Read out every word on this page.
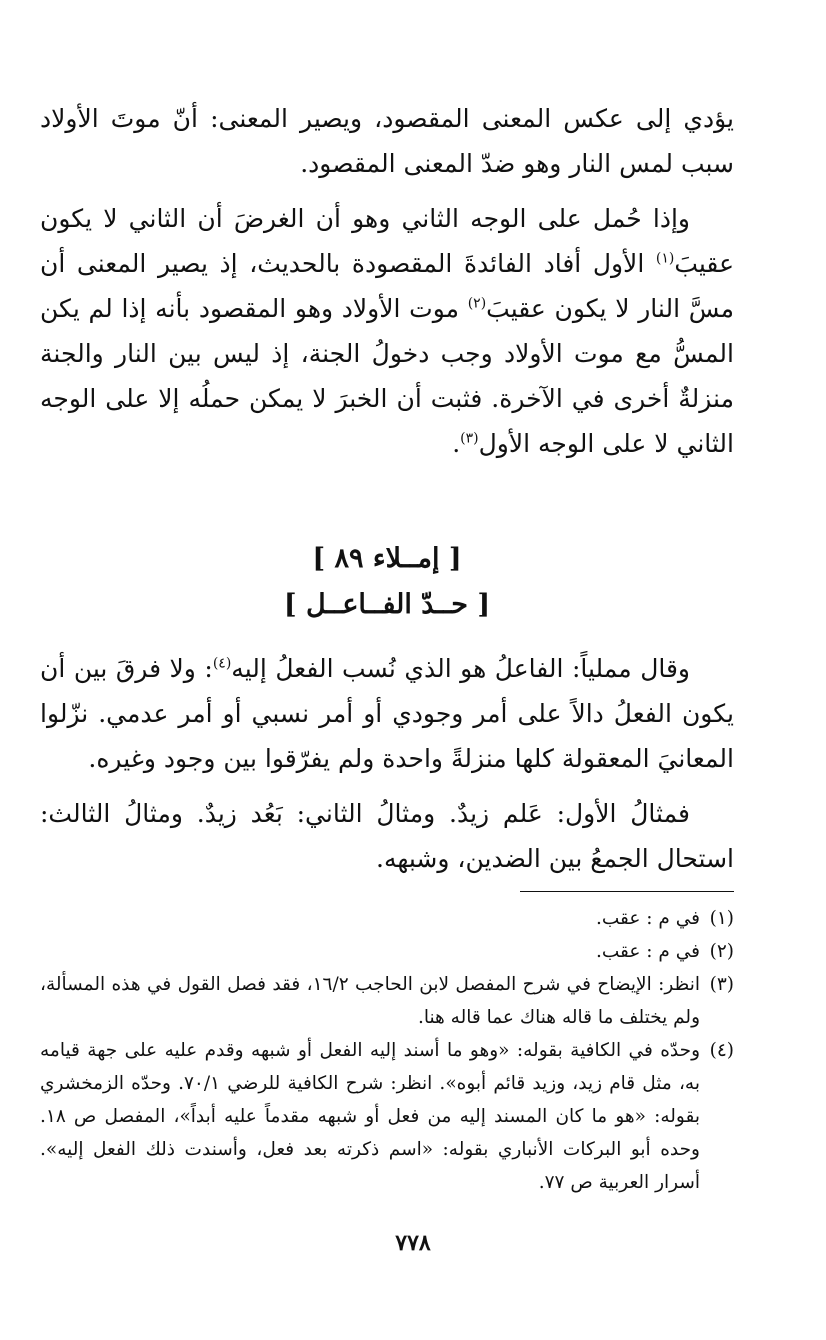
يؤدي إلى عكس المعنى المقصود، ويصير المعنى: أنّ موتَ الأولاد سبب لمس النار وهو ضدّ المعنى المقصود.

وإذا حُمل على الوجه الثاني وهو أن الغرضَ أن الثاني لا يكون عقيبَ$^{(١)}$ الأول أفاد الفائدةَ المقصودة بالحديث، إذ يصير المعنى أن مسَّ النار لا يكون عقيبَ$^{(٢)}$ موت الأولاد وهو المقصود بأنه إذا لم يكن المسُّ مع موت الأولاد وجب دخولُ الجنة، إذ ليس بين النار والجنة منزلةٌ أخرى في الآخرة. فثبت أن الخبرَ لا يمكن حملُه إلا على الوجه الثاني لا على الوجه الأول$^{(٣)}$.

[ إمــلاء ٨٩ ]

[ حــدّ الفــاعــل ]

وقال مملياً: الفاعلُ هو الذي نُسب الفعلُ إليه$^{(٤)}$: ولا فرقَ بين أن يكون الفعلُ دالاً على أمر وجودي أو أمر نسبي أو أمر عدمي. نزّلوا المعانيَ المعقولة كلها منزلةً واحدة ولم يفرّقوا بين وجود وغيره.

فمثالُ الأول: عَلم زيدٌ. ومثالُ الثاني: بَعُد زيدٌ. ومثالُ الثالث: استحال الجمعُ بين الضدين، وشبهه.

(١)
في م : عقب.
(٢)
في م : عقب.
(٣)
انظر: الإيضاح في شرح المفصل لابن الحاجب ١٦/٢، فقد فصل القول في هذه المسألة، ولم يختلف ما قاله هناك عما قاله هنا.
(٤)
وحدّه في الكافية بقوله: «وهو ما أسند إليه الفعل أو شبهه وقدم عليه على جهة قيامه به، مثل قام زيد، وزيد قائم أبوه». انظر: شرح الكافية للرضي ٧٠/١. وحدّه الزمخشري بقوله: «هو ما كان المسند إليه من فعل أو شبهه مقدماً عليه أبداً»، المفصل ص ١٨. وحده أبو البركات الأنباري بقوله: «اسم ذكرته بعد فعل، وأسندت ذلك الفعل إليه». أسرار العربية ص ٧٧.
٧٧٨
